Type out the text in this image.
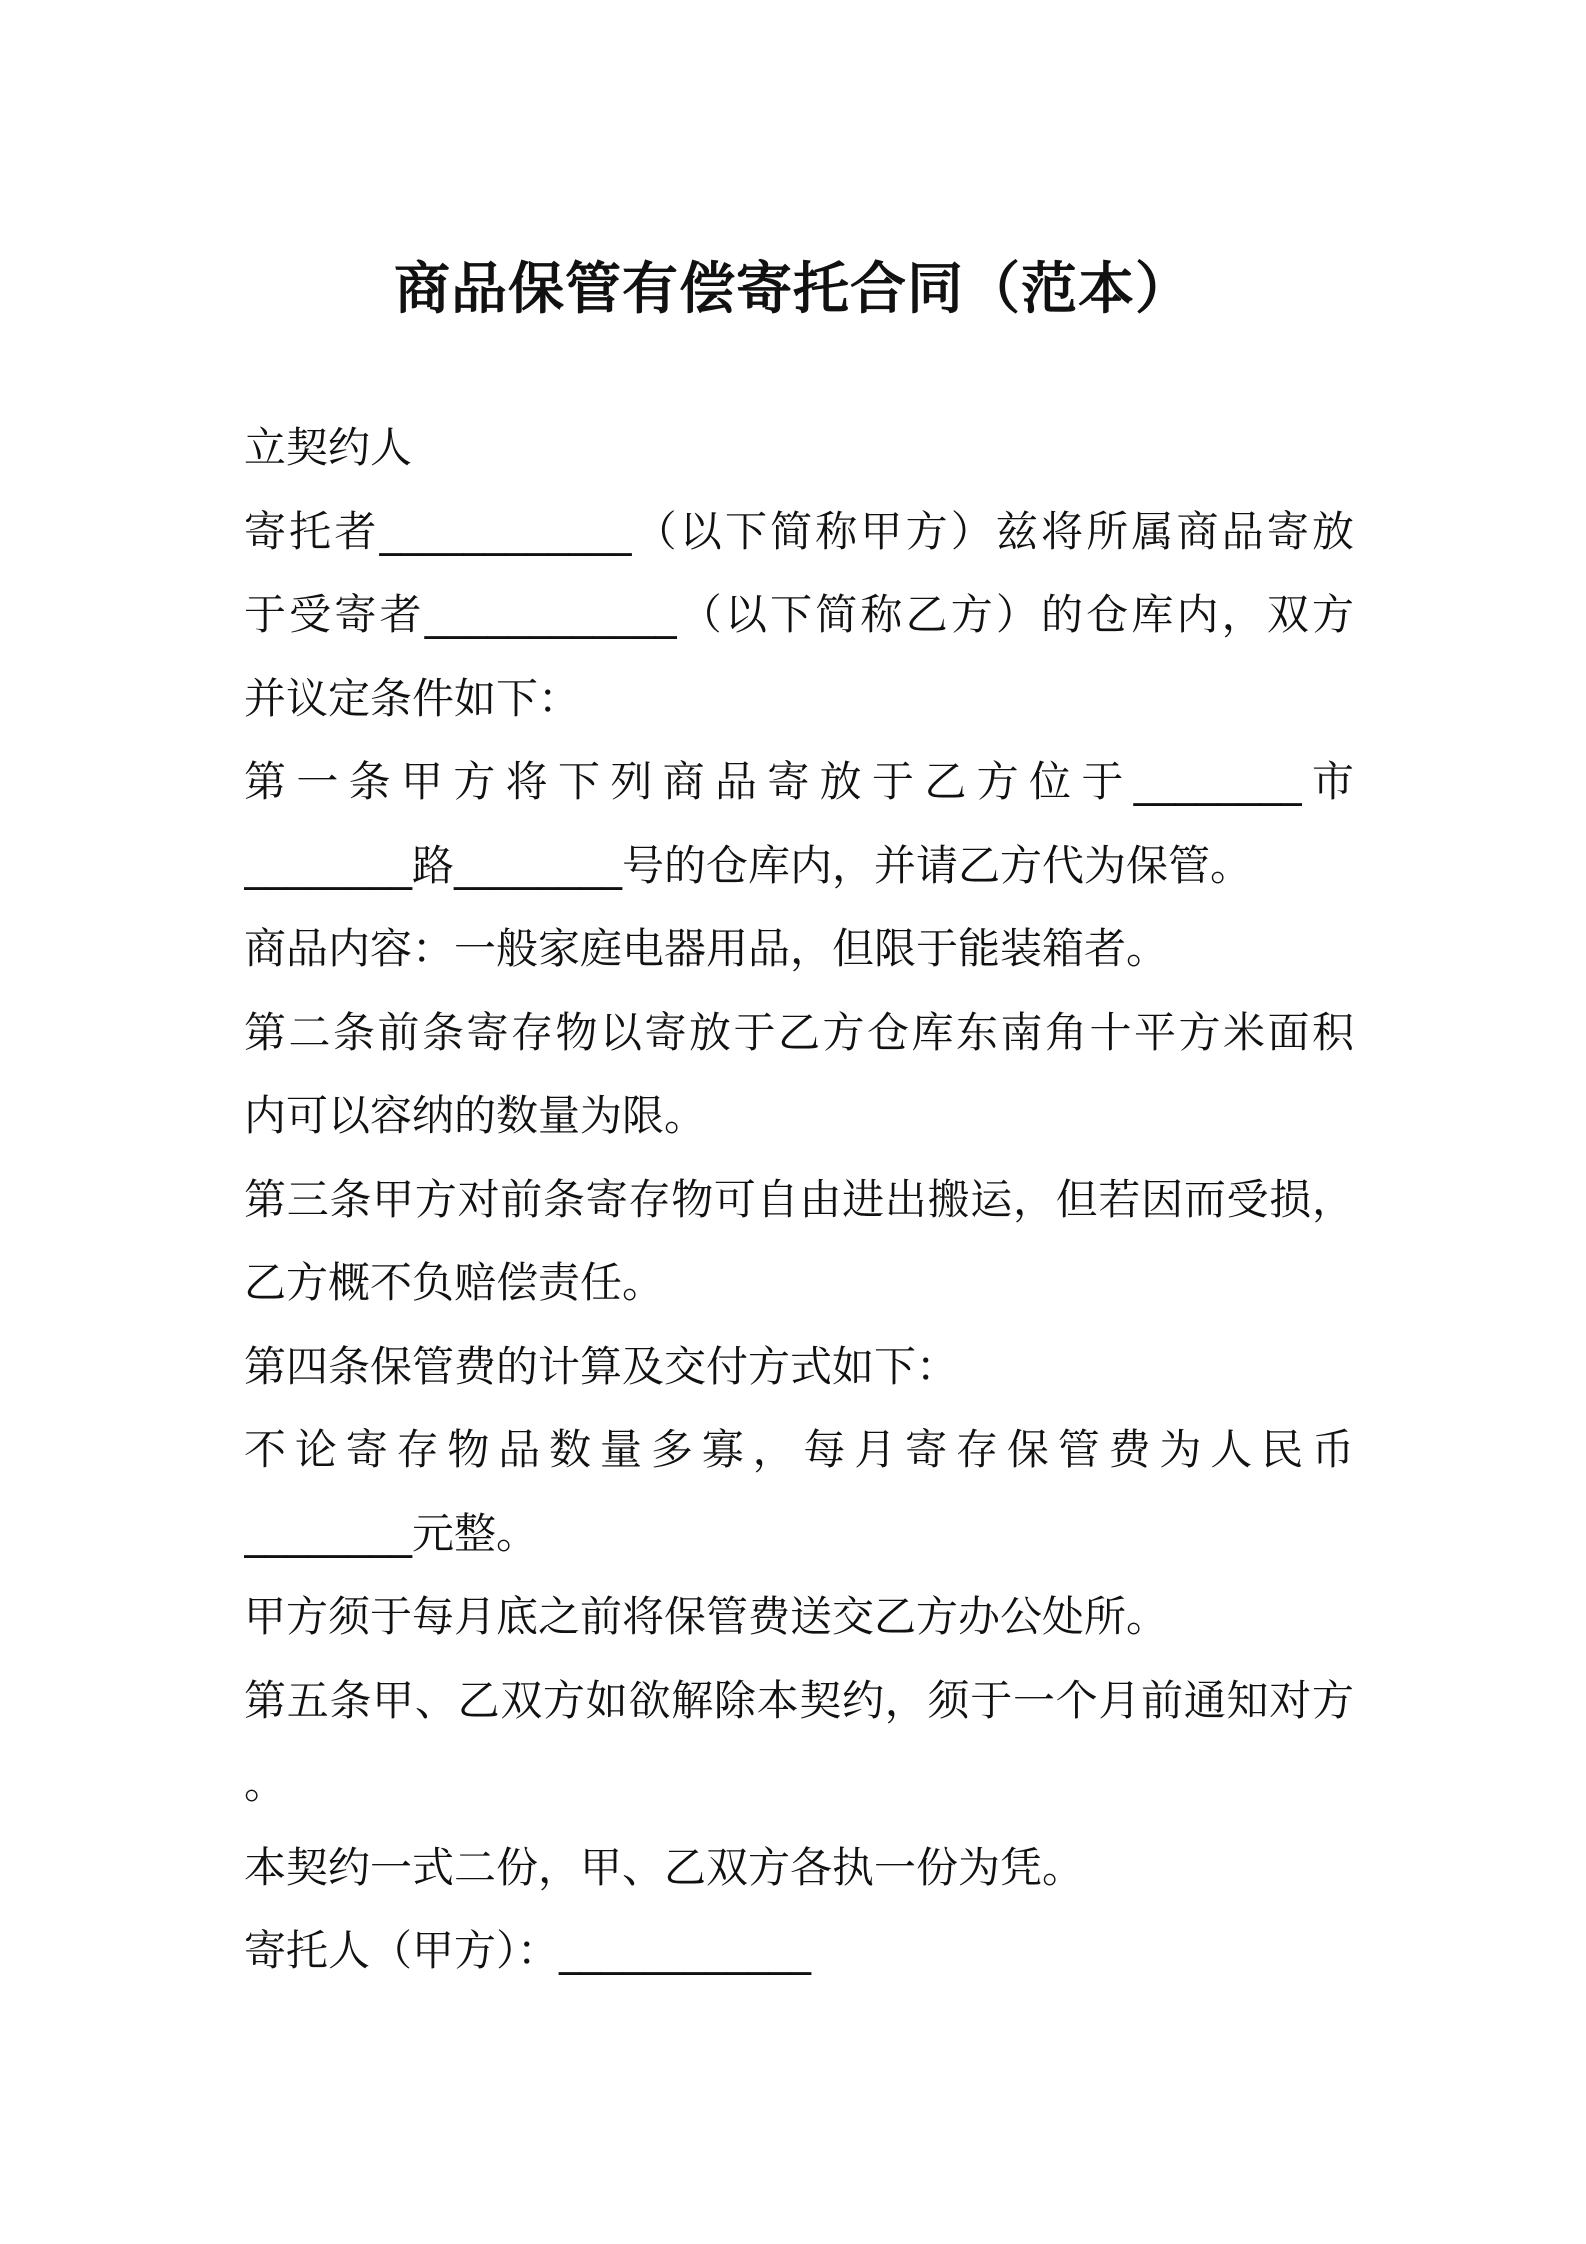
商品保管有偿寄托合同（范本）
立契约人
寄托者____________（以下简称甲方）兹将所属商品寄放
于受寄者____________（以下简称乙方）的仓库内，双方
并议定条件如下：
第一条甲方将下列商品寄放于乙方位于________市
________路________号的仓库内，并请乙方代为保管。
商品内容：一般家庭电器用品，但限于能装箱者。
第二条前条寄存物以寄放于乙方仓库东南角十平方米面积
内可以容纳的数量为限。
第三条甲方对前条寄存物可自由进出搬运，但若因而受损，
乙方概不负赔偿责任。
第四条保管费的计算及交付方式如下：
不论寄存物品数量多寡，每月寄存保管费为人民币
________元整。
甲方须于每月底之前将保管费送交乙方办公处所。
第五条甲、乙双方如欲解除本契约，须于一个月前通知对方
。
本契约一式二份，甲、乙双方各执一份为凭。
寄托人（甲方）：____________
